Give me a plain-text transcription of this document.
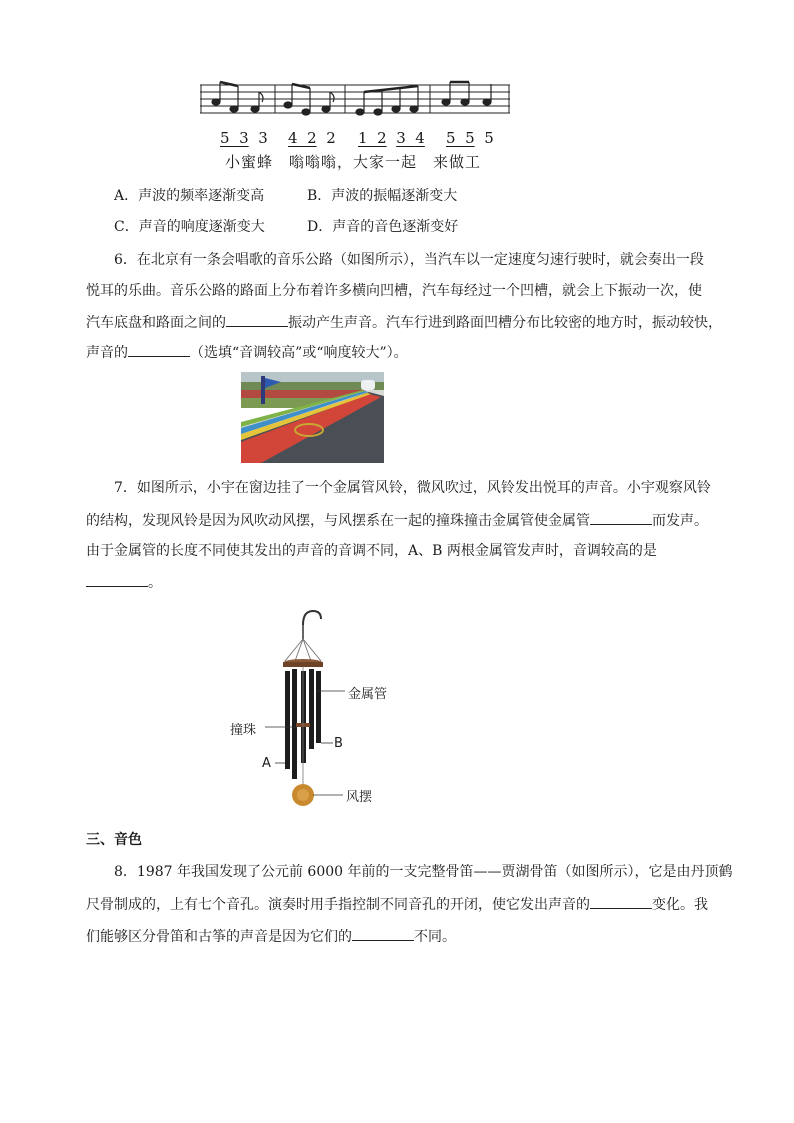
5 3 3 4 2 2 1 2 3 4 5 5 5
小蜜蜂　嗡嗡嗡，大家一起　来做工
A．声波的频率逐渐变高	B．声波的振幅逐渐变大
C．声音的响度逐渐变大	D．声音的音色逐渐变好
6．在北京有一条会唱歌的音乐公路（如图所示），当汽车以一定速度匀速行驶时，就会奏出一段
悦耳的乐曲。音乐公路的路面上分布着许多横向凹槽，汽车每经过一个凹槽，就会上下振动一次，使
汽车底盘和路面之间的	振动产生声音。汽车行进到路面凹槽分布比较密的地方时，振动较快，
声音的	（选填“音调较高”或“响度较大”）。
7．如图所示，小宇在窗边挂了一个金属管风铃，微风吹过，风铃发出悦耳的声音。小宇观察风铃
的结构，发现风铃是因为风吹动风摆，与风摆系在一起的撞珠撞击金属管使金属管	而发声。
由于金属管的长度不同使其发出的声音的音调不同，A、B 两根金属管发声时，音调较高的是
。
金属管
撞珠
B
A
风摆
三、音色
8．1987 年我国发现了公元前 6000 年前的一支完整骨笛——贾湖骨笛（如图所示），它是由丹顶鹤
尺骨制成的，上有七个音孔。演奏时用手指控制不同音孔的开闭，使它发出声音的	变化。我
们能够区分骨笛和古筝的声音是因为它们的	不同。
